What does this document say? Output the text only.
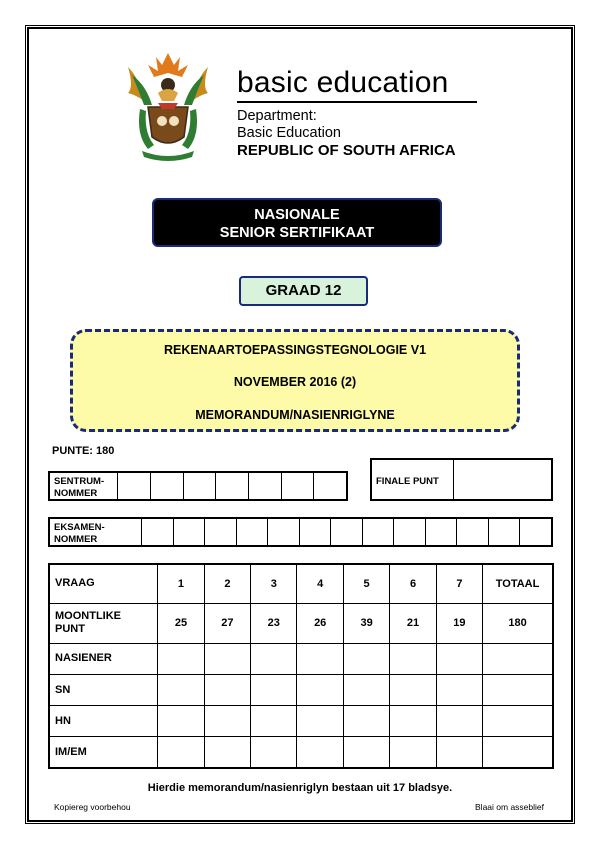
basic education
Department:
Basic Education
REPUBLIC OF SOUTH AFRICA
NASIONALE
SENIOR SERTIFIKAAT
GRAAD 12
REKENAARTOEPASSINGSTEGNOLOGIE V1
NOVEMBER 2016 (2)
MEMORANDUM/NASIENRIGLYNE
PUNTE: 180
SENTRUM-
NOMMER
FINALE PUNT
EKSAMEN-
NOMMER
VRAAG	1	2	3	4	5	6	7	TOTAAL

MOONTLIKE
PUNT	25	27	23	26	39	21	19	180
NASIENER								
SN								
HN								
IM/EM								
Hierdie memorandum/nasienriglyn bestaan uit 17 bladsye.
Kopiereg voorbehou	Blaai om asseblief
